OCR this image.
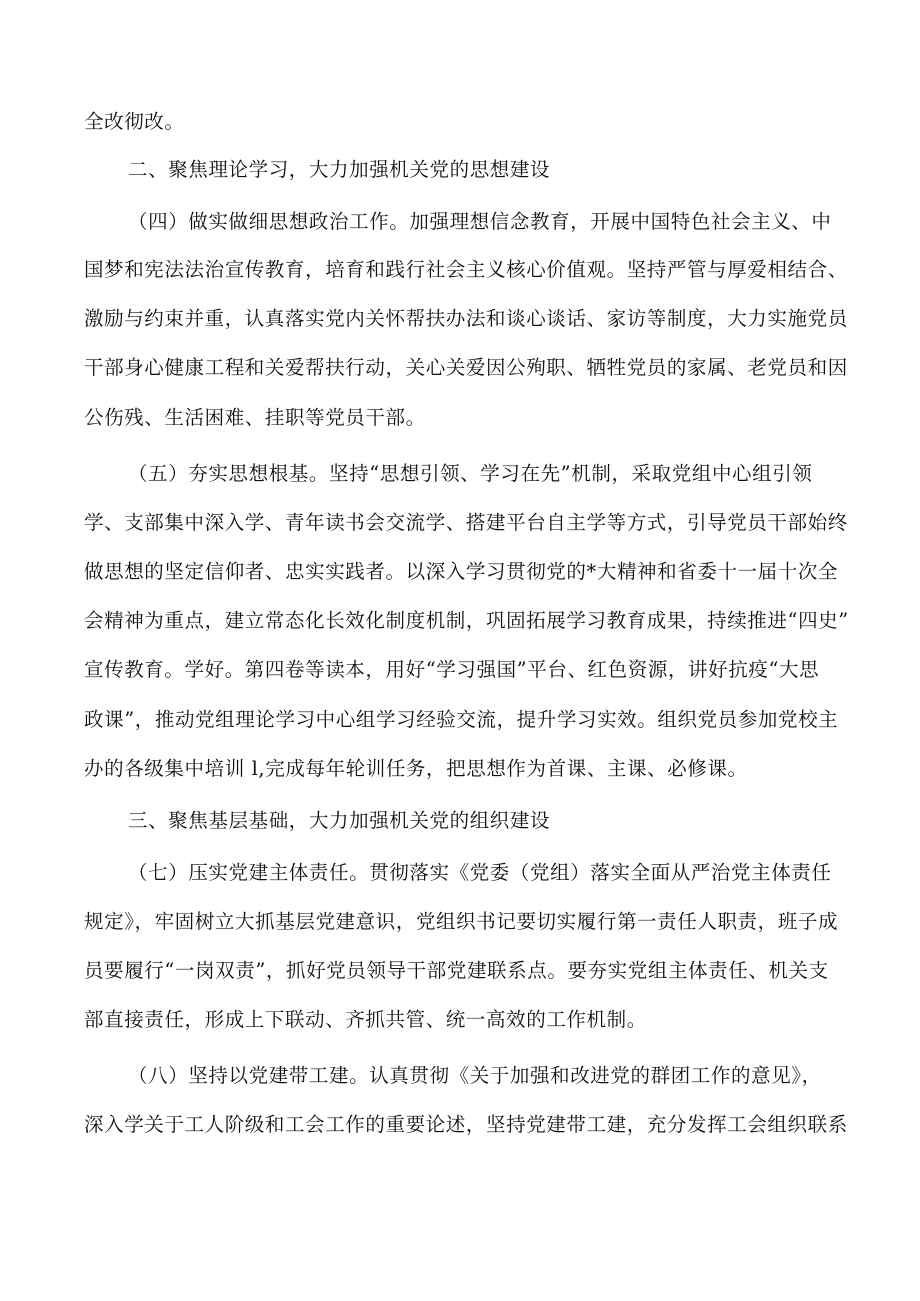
全改彻改。
二、聚焦理论学习，大力加强机关党的思想建设
（四）做实做细思想政治工作。加强理想信念教育，开展中国特色社会主义、中
国梦和宪法法治宣传教育，培育和践行社会主义核心价值观。坚持严管与厚爱相结合、
激励与约束并重，认真落实党内关怀帮扶办法和谈心谈话、家访等制度，大力实施党员
干部身心健康工程和关爱帮扶行动，关心关爱因公殉职、牺牲党员的家属、老党员和因
公伤残、生活困难、挂职等党员干部。
（五）夯实思想根基。坚持“思想引领、学习在先”机制，采取党组中心组引领
学、支部集中深入学、青年读书会交流学、搭建平台自主学等方式，引导党员干部始终
做思想的坚定信仰者、忠实实践者。以深入学习贯彻党的*大精神和省委十一届十次全
会精神为重点，建立常态化长效化制度机制，巩固拓展学习教育成果，持续推进“四史”
宣传教育。学好。第四卷等读本，用好“学习强国”平台、红色资源，讲好抗疫“大思
政课”，推动党组理论学习中心组学习经验交流，提升学习实效。组织党员参加党校主
办的各级集中培训 l,完成每年轮训任务，把思想作为首课、主课、必修课。
三、聚焦基层基础，大力加强机关党的组织建设
（七）压实党建主体责任。贯彻落实《党委（党组）落实全面从严治党主体责任
规定》，牢固树立大抓基层党建意识，党组织书记要切实履行第一责任人职责，班子成
员要履行“一岗双责”，抓好党员领导干部党建联系点。要夯实党组主体责任、机关支
部直接责任，形成上下联动、齐抓共管、统一高效的工作机制。
（八）坚持以党建带工建。认真贯彻《关于加强和改进党的群团工作的意见》，
深入学关于工人阶级和工会工作的重要论述，坚持党建带工建，充分发挥工会组织联系
